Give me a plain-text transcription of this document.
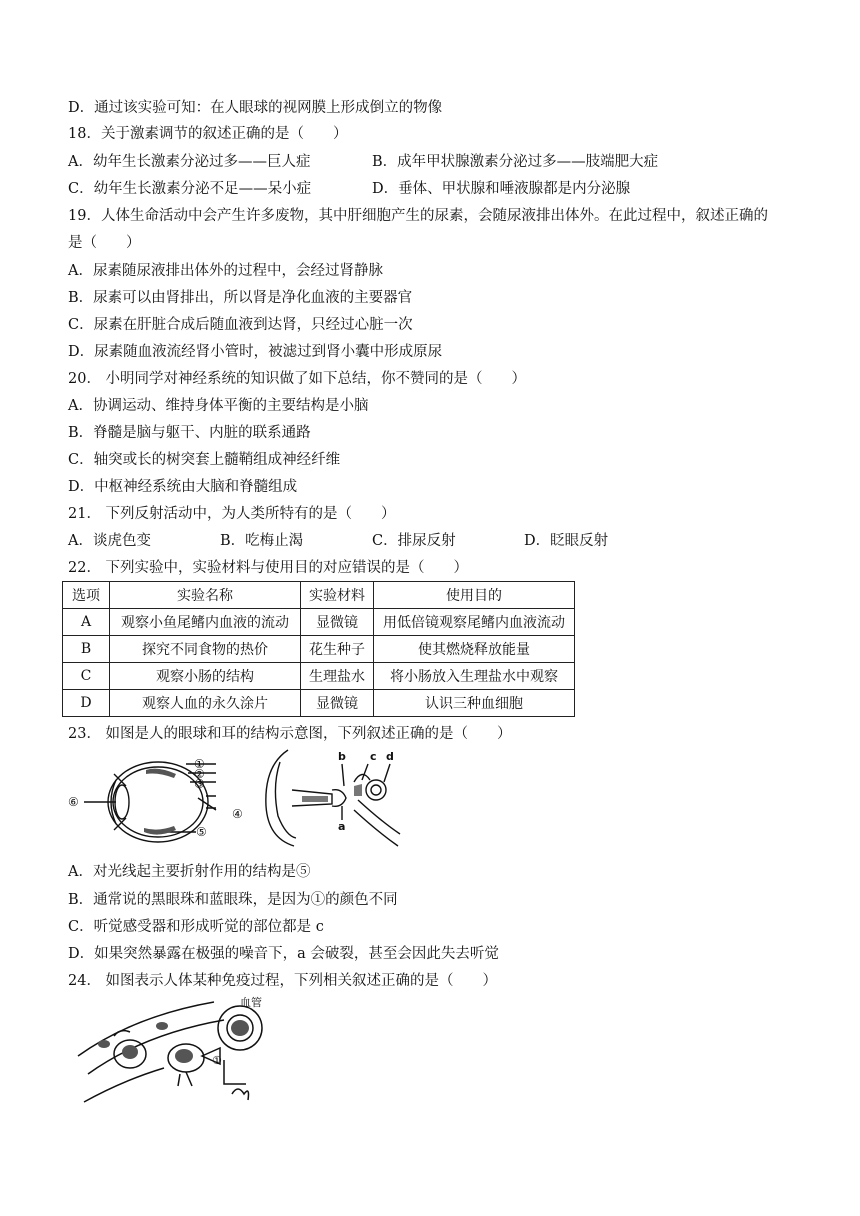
D．通过该实验可知：在人眼球的视网膜上形成倒立的物像
18．关于激素调节的叙述正确的是（　　）
A．幼年生长激素分泌过多——巨人症	B．成年甲状腺激素分泌过多——肢端肥大症
C．幼年生长激素分泌不足——呆小症	D．垂体、甲状腺和唾液腺都是内分泌腺
19．人体生命活动中会产生许多废物，其中肝细胞产生的尿素，会随尿液排出体外。在此过程中，叙述正确的
是（　　）
A．尿素随尿液排出体外的过程中，会经过肾静脉
B．尿素可以由肾排出，所以肾是净化血液的主要器官
C．尿素在肝脏合成后随血液到达肾，只经过心脏一次
D．尿素随血液流经肾小管时，被滤过到肾小囊中形成原尿
20． 小明同学对神经系统的知识做了如下总结，你不赞同的是（　　）
A．协调运动、维持身体平衡的主要结构是小脑
B．脊髓是脑与躯干、内脏的联系通路
C．轴突或长的树突套上髓鞘组成神经纤维
D．中枢神经系统由大脑和脊髓组成
21． 下列反射活动中，为人类所特有的是（　　）
A．谈虎色变	B．吃梅止渴	C．排尿反射	D．眨眼反射
22． 下列实验中，实验材料与使用目的对应错误的是（　　）
选项	实验名称	实验材料	使用目的
A	观察小鱼尾鳍内血液的流动	显微镜	用低倍镜观察尾鳍内血液流动
B	探究不同食物的热价	花生种子	使其燃烧释放能量
C	观察小肠的结构	生理盐水	将小肠放入生理盐水中观察
D	观察人血的永久涂片	显微镜	认识三种血细胞
23． 如图是人的眼球和耳的结构示意图，下列叙述正确的是（　　）
①
②
③
④
⑤
⑥
b c d
a
A．对光线起主要折射作用的结构是⑤
B．通常说的黑眼珠和蓝眼珠，是因为①的颜色不同
C．听觉感受器和形成听觉的部位都是 c
D．如果突然暴露在极强的噪音下，a 会破裂，甚至会因此失去听觉
24． 如图表示人体某种免疫过程，下列相关叙述正确的是（　　）
血管
①
